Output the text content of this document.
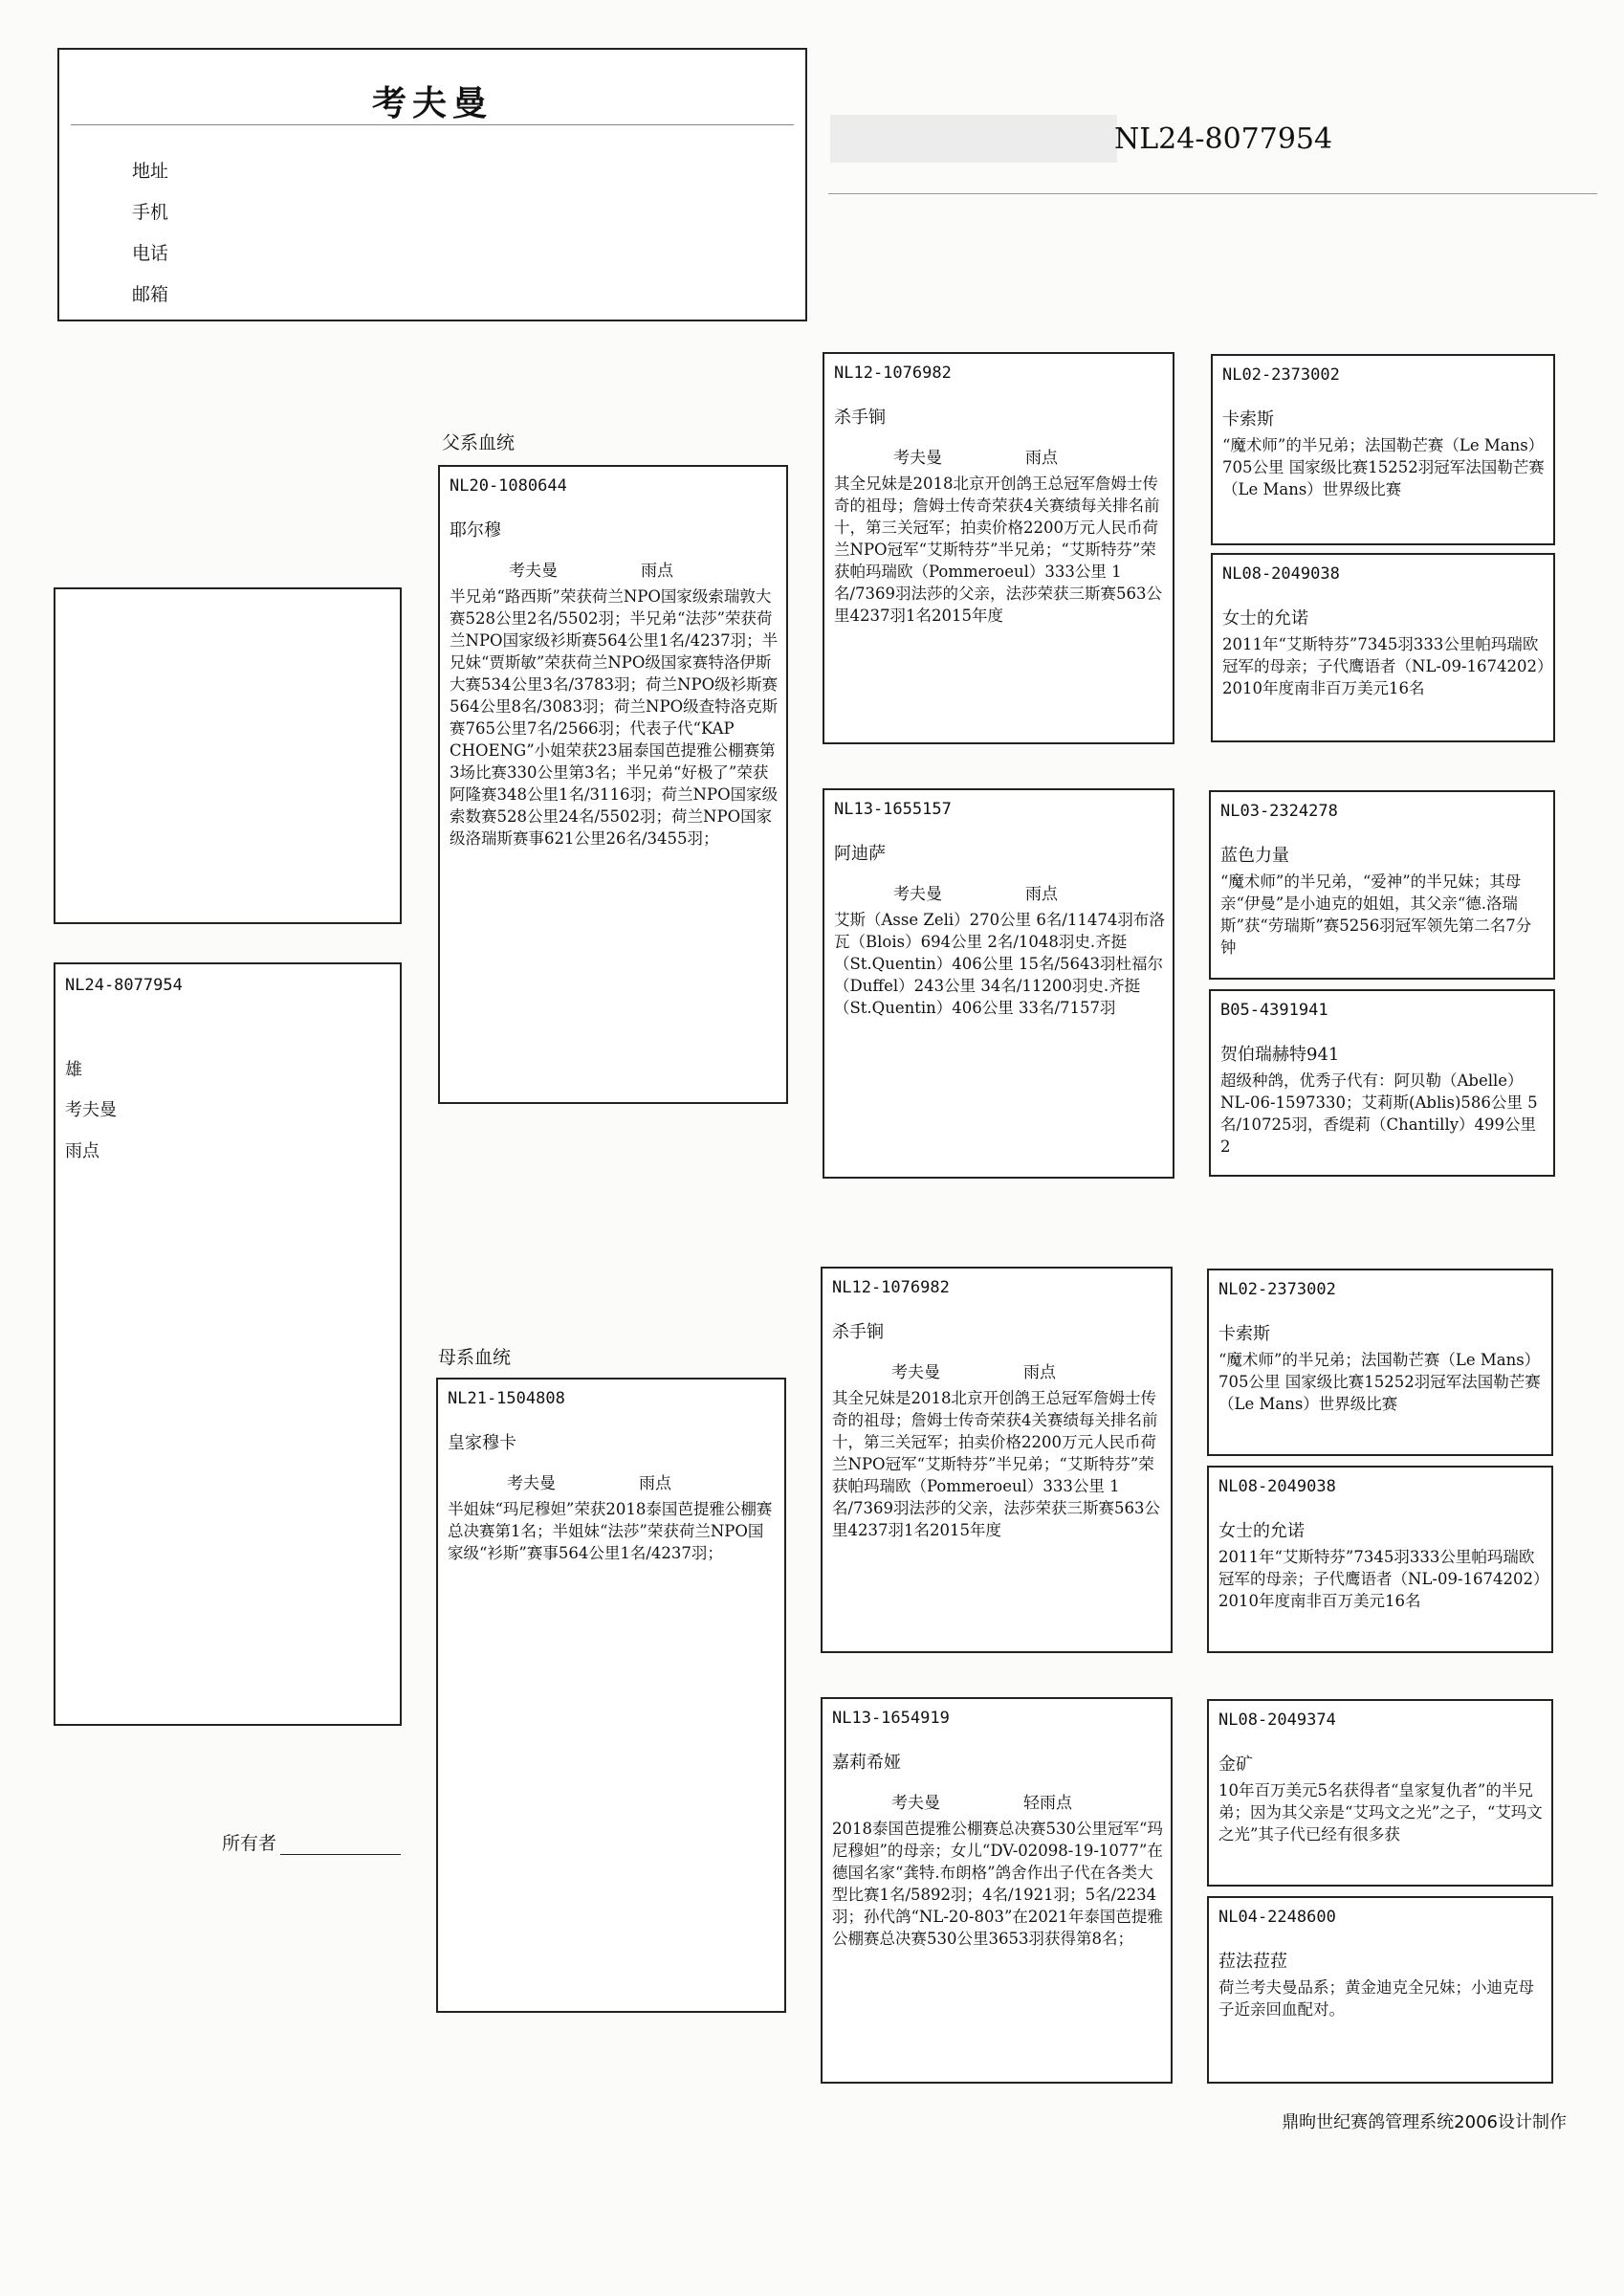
考夫曼
地址
手机
电话
邮箱
NL24-8077954
NL24-8077954
雄
考夫曼
雨点
所有者
父系血统
母系血统
NL20-1080644
耶尔穆
考夫曼	雨点
半兄弟“路西斯”荣获荷兰NPO国家级索瑞敦大赛528公里2名/5502羽；半兄弟“法莎”荣获荷兰NPO国家级衫斯赛564公里1名/4237羽；半兄妹“贾斯敏”荣获荷兰NPO级国家赛特洛伊斯大赛534公里3名/3783羽；荷兰NPO级衫斯赛564公里8名/3083羽；荷兰NPO级查特洛克斯赛765公里7名/2566羽；代表子代“KAP CHOENG”小姐荣获23届泰国芭提雅公棚赛第3场比赛330公里第3名；半兄弟“好极了”荣获阿隆赛348公里1名/3116羽；荷兰NPO国家级索数赛528公里24名/5502羽；荷兰NPO国家级洛瑞斯赛事621公里26名/3455羽；
NL21-1504808
皇家穆卡
考夫曼	雨点
半姐妹“玛尼穆妲”荣获2018泰国芭提雅公棚赛总决赛第1名；半姐妹“法莎”荣获荷兰NPO国家级“衫斯”赛事564公里1名/4237羽；
NL12-1076982
杀手锏
考夫曼	雨点
其全兄妹是2018北京开创鸽王总冠军詹姆士传奇的祖母；詹姆士传奇荣获4关赛绩每关排名前十，第三关冠军；拍卖价格2200万元人民币荷兰NPO冠军“艾斯特芬”半兄弟；“艾斯特芬”荣获帕玛瑞欧（Pommeroeul）333公里 1名/7369羽法莎的父亲，法莎荣获三斯赛563公里4237羽1名2015年度
NL13-1655157
阿迪萨
考夫曼	雨点
艾斯（Asse Zeli）270公里 6名/11474羽布洛瓦（Blois）694公里 2名/1048羽史.齐挺（St.Quentin）406公里 15名/5643羽杜福尔（Duffel）243公里 34名/11200羽史.齐挺（St.Quentin）406公里 33名/7157羽
NL12-1076982
杀手锏
考夫曼	雨点
其全兄妹是2018北京开创鸽王总冠军詹姆士传奇的祖母；詹姆士传奇荣获4关赛绩每关排名前十，第三关冠军；拍卖价格2200万元人民币荷兰NPO冠军“艾斯特芬”半兄弟；“艾斯特芬”荣获帕玛瑞欧（Pommeroeul）333公里 1名/7369羽法莎的父亲，法莎荣获三斯赛563公里4237羽1名2015年度
NL13-1654919
嘉莉希娅
考夫曼	轻雨点
2018泰国芭提雅公棚赛总决赛530公里冠军“玛尼穆妲”的母亲；女儿“DV-02098-19-1077”在德国名家“龚特.布朗格”鸽舍作出子代在各类大型比赛1名/5892羽；4名/1921羽；5名/2234羽；孙代鸽“NL-20-803”在2021年泰国芭提雅公棚赛总决赛530公里3653羽获得第8名；
NL02-2373002
卡索斯
“魔术师”的半兄弟；法国勒芒赛（Le Mans）705公里 国家级比赛15252羽冠军法国勒芒赛（Le Mans）世界级比赛
NL08-2049038
女士的允诺
2011年“艾斯特芬”7345羽333公里帕玛瑞欧冠军的母亲；子代鹰语者（NL-09-1674202）2010年度南非百万美元16名
NL03-2324278
蓝色力量
“魔术师”的半兄弟，“爱神”的半兄妹；其母亲“伊曼”是小迪克的姐姐，其父亲“德.洛瑞斯”获“劳瑞斯”赛5256羽冠军领先第二名7分钟
B05-4391941
贺伯瑞赫特941
超级种鸽，优秀子代有：阿贝勒（Abelle）NL-06-1597330；艾莉斯(Ablis)586公里 5名/10725羽，香缇莉（Chantilly）499公里 2
NL02-2373002
卡索斯
“魔术师”的半兄弟；法国勒芒赛（Le Mans）705公里 国家级比赛15252羽冠军法国勒芒赛（Le Mans）世界级比赛
NL08-2049038
女士的允诺
2011年“艾斯特芬”7345羽333公里帕玛瑞欧冠军的母亲；子代鹰语者（NL-09-1674202）2010年度南非百万美元16名
NL08-2049374
金矿
10年百万美元5名获得者“皇家复仇者”的半兄弟；因为其父亲是“艾玛文之光”之子，“艾玛文之光”其子代已经有很多获
NL04-2248600
菈法菈菈
荷兰考夫曼品系；黄金迪克全兄妹；小迪克母子近亲回血配对。
鼎昫世纪赛鸽管理系统2006设计制作
